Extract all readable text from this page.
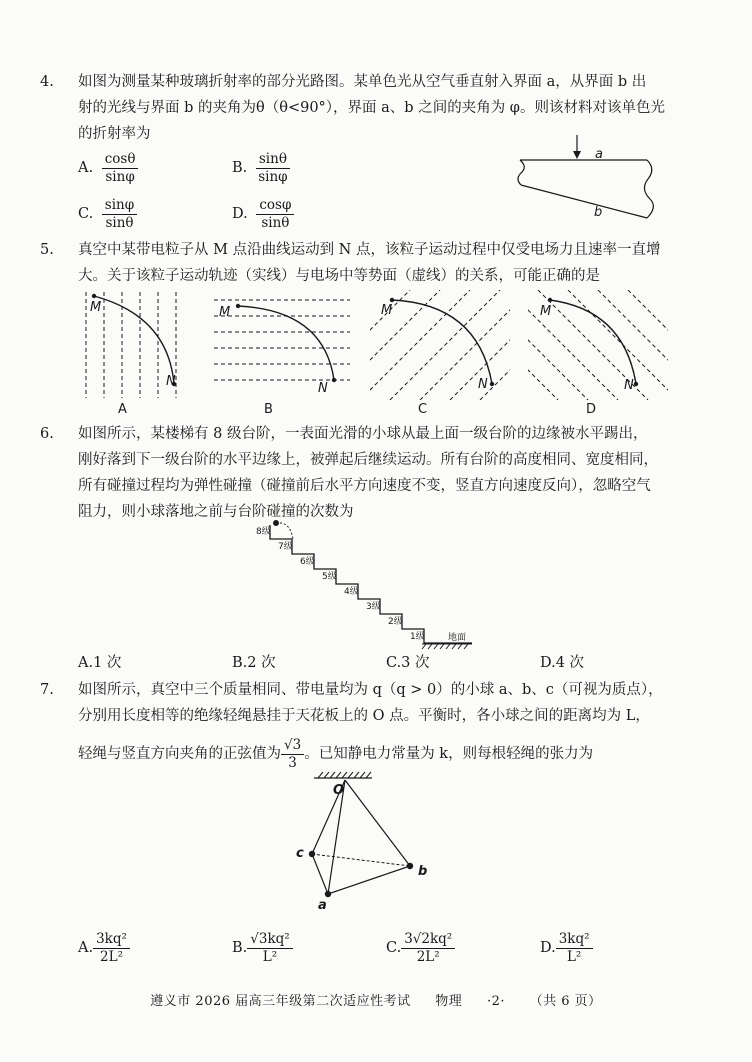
4.	如图为测量某种玻璃折射率的部分光路图。某单色光从空气垂直射入界面 a，从界面 b 出
射的光线与界面 b 的夹角为θ（θ<90°），界面 a、b 之间的夹角为 φ。则该材料对该单色光
的折射率为
A. $\frac{\cos\theta}{\sin\varphi}$	B. $\frac{\sin\theta}{\sin\varphi}$
C. $\frac{\sin\varphi}{\sin\theta}$	D. $\frac{\cos\varphi}{\sin\theta}$
a
b
5.	真空中某带电粒子从 M 点沿曲线运动到 N 点，该粒子运动过程中仅受电场力且速率一直增
大。关于该粒子运动轨迹（实线）与电场中等势面（虚线）的关系，可能正确的是
M
N
A
M
N
B
M
N
C
M
N
D
6.	如图所示，某楼梯有 8 级台阶，一表面光滑的小球从最上面一级台阶的边缘被水平踢出，
刚好落到下一级台阶的水平边缘上，被弹起后继续运动。所有台阶的高度相同、宽度相同，
所有碰撞过程均为弹性碰撞（碰撞前后水平方向速度不变，竖直方向速度反向），忽略空气
阻力，则小球落地之前与台阶碰撞的次数为
8级
7级
6级
5级
4级
3级
2级
1级	地面
A.1 次	B.2 次	C.3 次	D.4 次
7.	如图所示，真空中三个质量相同、带电量均为 q（q > 0）的小球 a、b、c（可视为质点），
分别用长度相等的绝缘轻绳悬挂于天花板上的 O 点。平衡时，各小球之间的距离均为 L，
轻绳与竖直方向夹角的正弦值为 $\frac{√3}{3}$ 。已知静电力常量为 k，则每根轻绳的张力为
O
c
b
a
A. $\frac{\text{3kq²}}{\text{2L²}}$	B. $\frac{\text{√3kq²}}{\text{L²}}$	C. $\frac{\text{3√2kq²}}{\text{2L²}}$	D. $\frac{\text{3kq²}}{\text{L²}}$
遵义市 2026 届高三年级第二次适应性考试 物理 ·2· （共 6 页）
